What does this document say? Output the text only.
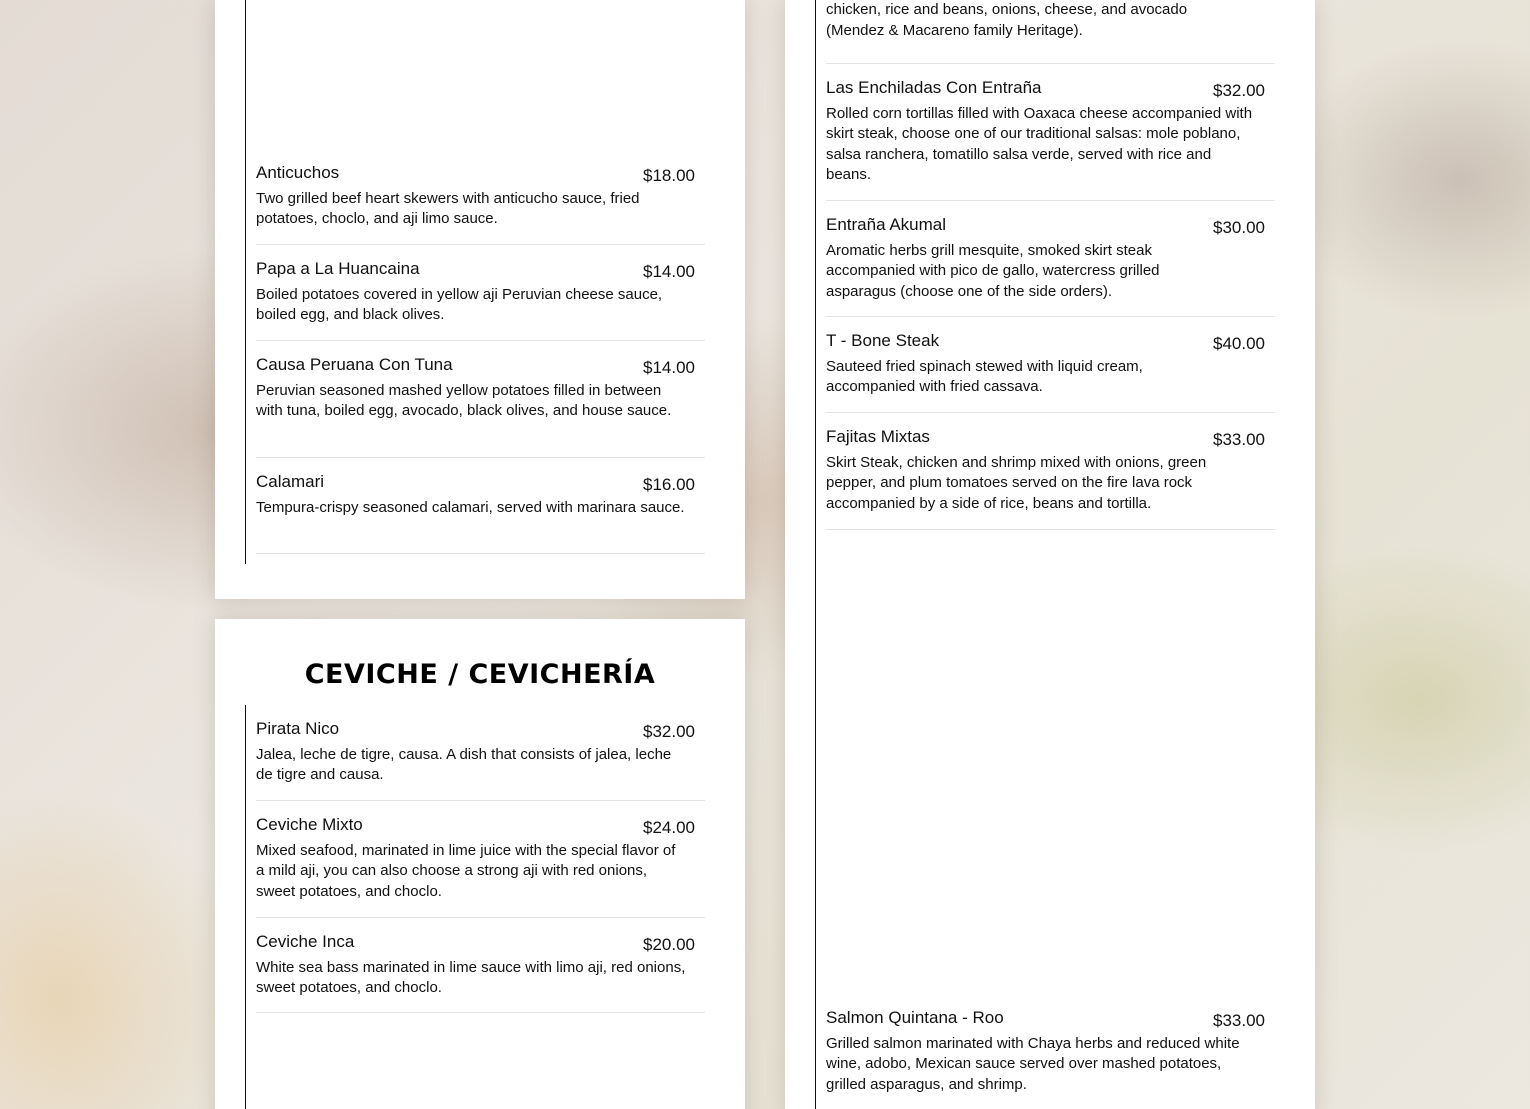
Anticuchos	$18.00
Two grilled beef heart skewers with anticucho sauce, fried potatoes, choclo, and aji limo sauce.
Papa a La Huancaina	$14.00
Boiled potatoes covered in yellow aji Peruvian cheese sauce, boiled egg, and black olives.
Causa Peruana Con Tuna	$14.00
Peruvian seasoned mashed yellow potatoes filled in between with tuna, boiled egg, avocado, black olives, and house sauce.
Calamari	$16.00
Tempura-crispy seasoned calamari, served with marinara sauce.
CEVICHE / CEVICHERÍA
Pirata Nico	$32.00
Jalea, leche de tigre, causa. A dish that consists of jalea, leche de tigre and causa.
Ceviche Mixto	$24.00
Mixed seafood, marinated in lime juice with the special flavor of a mild aji, you can also choose a strong aji with red onions, sweet potatoes, and choclo.
Ceviche Inca	$20.00
White sea bass marinated in lime sauce with limo aji, red onions, sweet potatoes, and choclo.
chicken, rice and beans, onions, cheese, and avocado (Mendez & Macareno family Heritage).
Las Enchiladas Con Entraña	$32.00
Rolled corn tortillas filled with Oaxaca cheese accompanied with skirt steak, choose one of our traditional salsas: mole poblano, salsa ranchera, tomatillo salsa verde, served with rice and beans.
Entraña Akumal	$30.00
Aromatic herbs grill mesquite, smoked skirt steak accompanied with pico de gallo, watercress grilled asparagus (choose one of the side orders).
T - Bone Steak	$40.00
Sauteed fried spinach stewed with liquid cream, accompanied with fried cassava.
Fajitas Mixtas	$33.00
Skirt Steak, chicken and shrimp mixed with onions, green pepper, and plum tomatoes served on the fire lava rock accompanied by a side of rice, beans and tortilla.
Salmon Quintana - Roo	$33.00
Grilled salmon marinated with Chaya herbs and reduced white wine, adobo, Mexican sauce served over mashed potatoes, grilled asparagus, and shrimp.
